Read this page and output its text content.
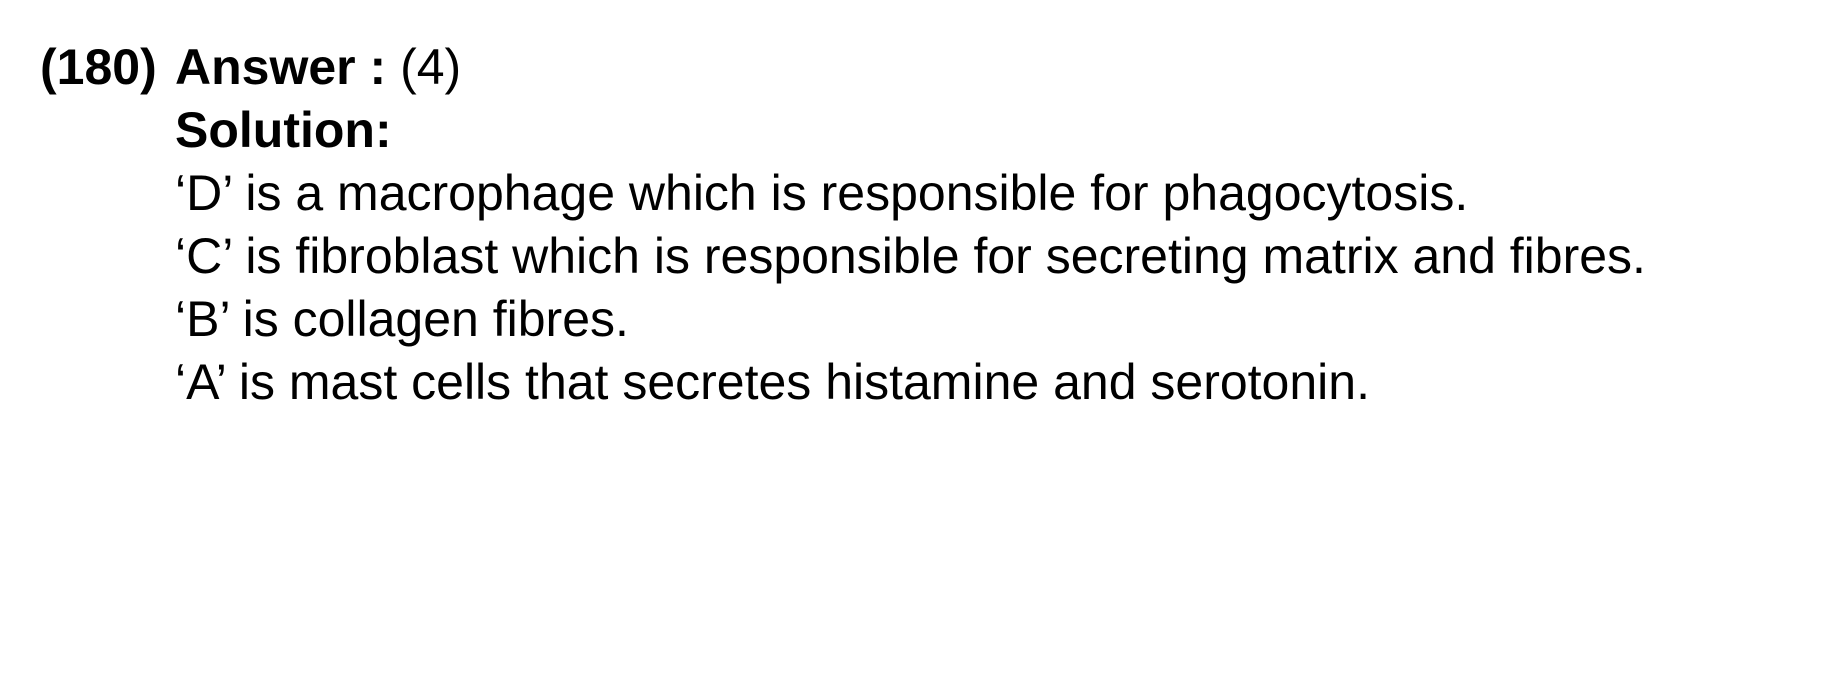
(180) Answer : (4)
Solution:
‘D’ is a macrophage which is responsible for phagocytosis.
‘C’ is fibroblast which is responsible for secreting matrix and fibres.
‘B’ is collagen fibres.
‘A’ is mast cells that secretes histamine and serotonin.
